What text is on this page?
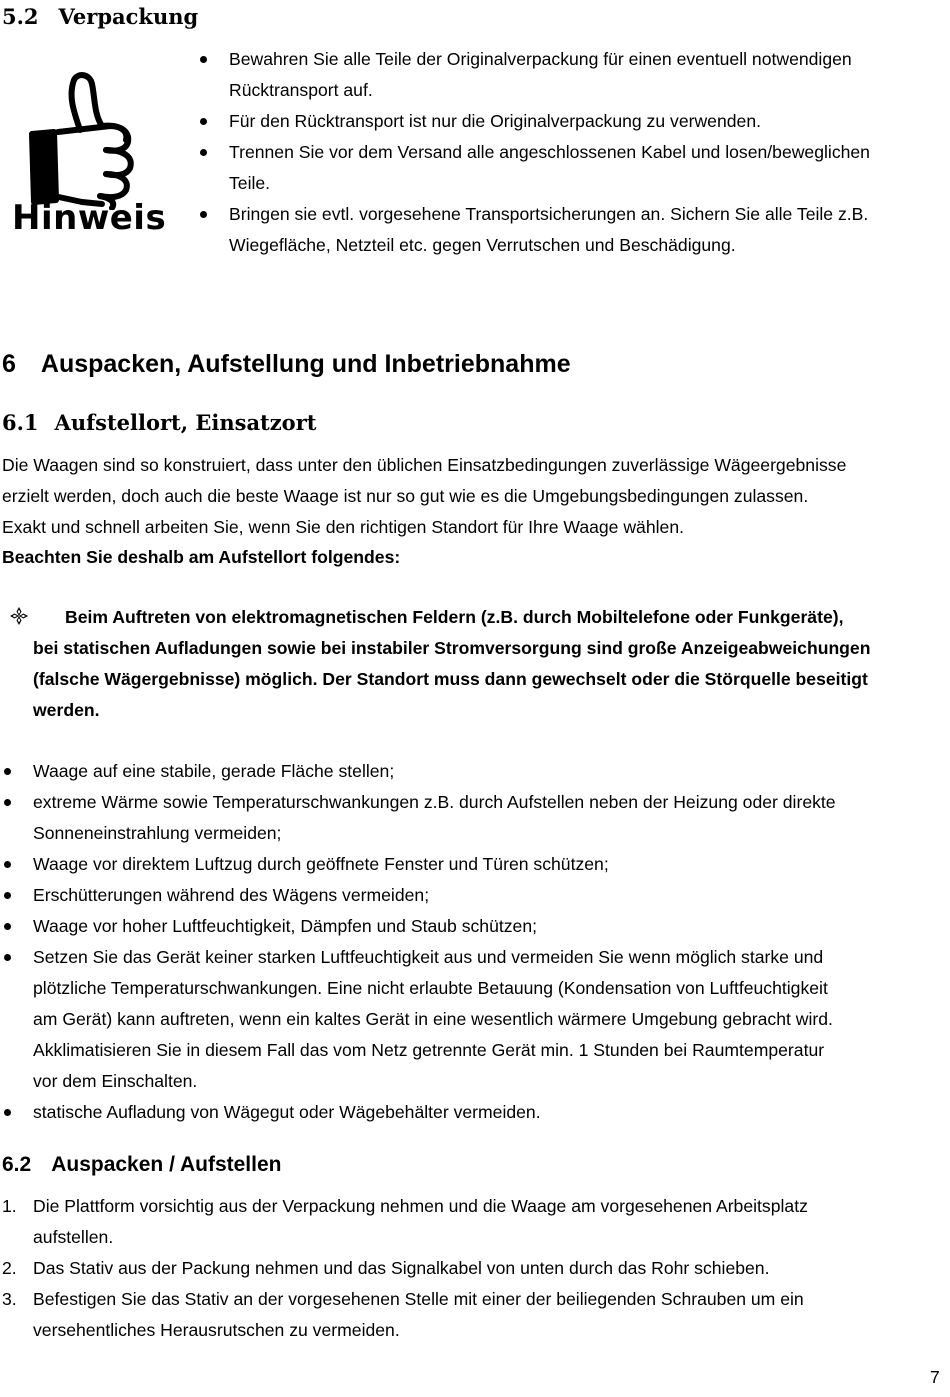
5.2 Verpackung
Hinweis
Bewahren Sie alle Teile der Originalverpackung für einen eventuell notwendigen
Rücktransport auf.
Für den Rücktransport ist nur die Originalverpackung zu verwenden.
Trennen Sie vor dem Versand alle angeschlossenen Kabel und losen/beweglichen
Teile.
Bringen sie evtl. vorgesehene Transportsicherungen an. Sichern Sie alle Teile z.B.
Wiegefläche, Netzteil etc. gegen Verrutschen und Beschädigung.
6 Auspacken, Aufstellung und Inbetriebnahme
6.1 Aufstellort, Einsatzort
Die Waagen sind so konstruiert, dass unter den üblichen Einsatzbedingungen zuverlässige Wägeergebnisse
erzielt werden, doch auch die beste Waage ist nur so gut wie es die Umgebungsbedingungen zulassen.
Exakt und schnell arbeiten Sie, wenn Sie den richtigen Standort für Ihre Waage wählen.
Beachten Sie deshalb am Aufstellort folgendes:
Beim Auftreten von elektromagnetischen Feldern (z.B. durch Mobiltelefone oder Funkgeräte),
bei statischen Aufladungen sowie bei instabiler Stromversorgung sind große Anzeigeabweichungen
(falsche Wägergebnisse) möglich. Der Standort muss dann gewechselt oder die Störquelle beseitigt
werden.
Waage auf eine stabile, gerade Fläche stellen;
extreme Wärme sowie Temperaturschwankungen z.B. durch Aufstellen neben der Heizung oder direkte
Sonneneinstrahlung vermeiden;
Waage vor direktem Luftzug durch geöffnete Fenster und Türen schützen;
Erschütterungen während des Wägens vermeiden;
Waage vor hoher Luftfeuchtigkeit, Dämpfen und Staub schützen;
Setzen Sie das Gerät keiner starken Luftfeuchtigkeit aus und vermeiden Sie wenn möglich starke und
plötzliche Temperaturschwankungen. Eine nicht erlaubte Betauung (Kondensation von Luftfeuchtigkeit
am Gerät) kann auftreten, wenn ein kaltes Gerät in eine wesentlich wärmere Umgebung gebracht wird.
Akklimatisieren Sie in diesem Fall das vom Netz getrennte Gerät min. 1 Stunden bei Raumtemperatur
vor dem Einschalten.
statische Aufladung von Wägegut oder Wägebehälter vermeiden.
6.2 Auspacken / Aufstellen
1. Die Plattform vorsichtig aus der Verpackung nehmen und die Waage am vorgesehenen Arbeitsplatz
aufstellen.
2. Das Stativ aus der Packung nehmen und das Signalkabel von unten durch das Rohr schieben.
3. Befestigen Sie das Stativ an der vorgesehenen Stelle mit einer der beiliegenden Schrauben um ein
versehentliches Herausrutschen zu vermeiden.
7
